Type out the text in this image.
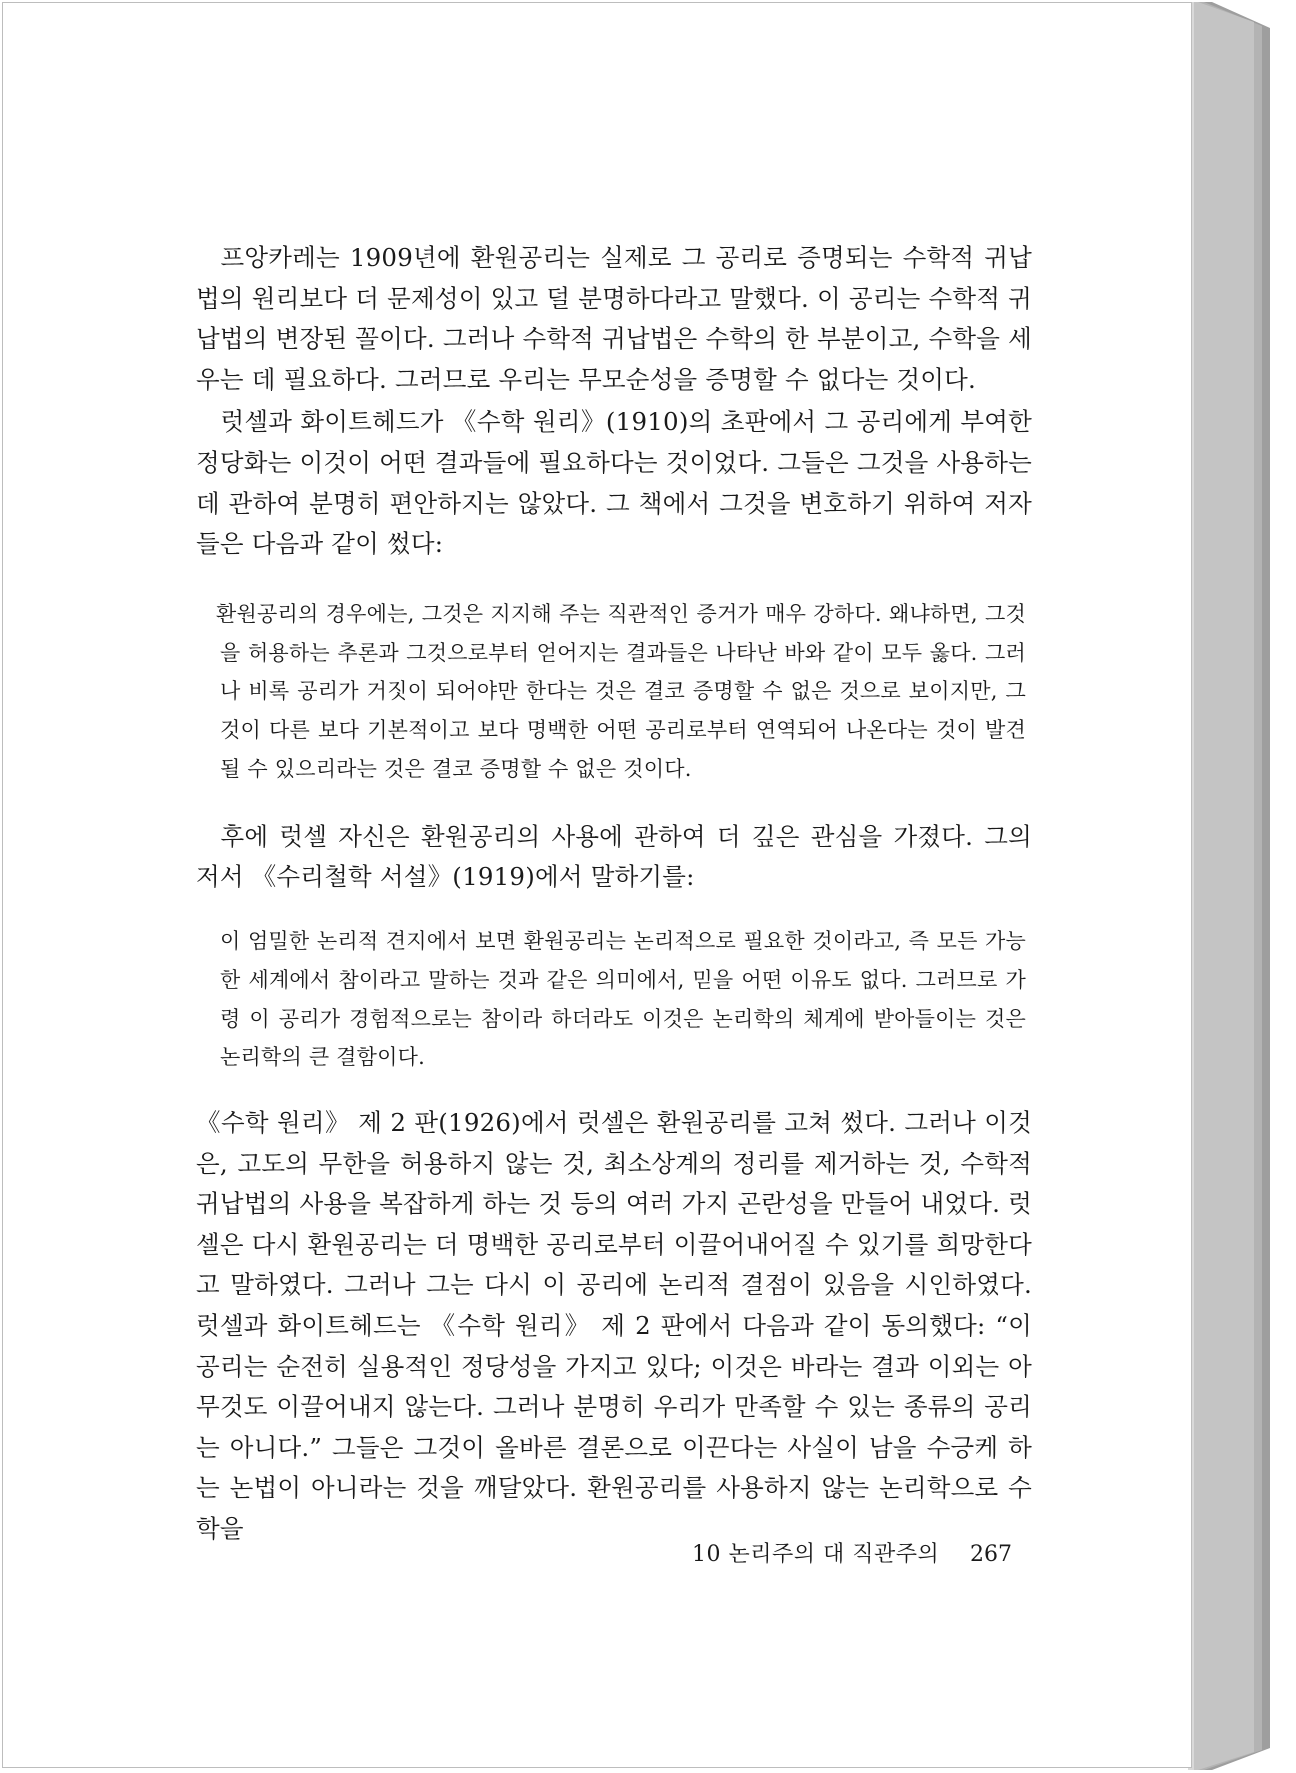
프앙카레는 1909년에 환원공리는 실제로 그 공리로 증명되는 수학적 귀납법의 원리보다 더 문제성이 있고 덜 분명하다라고 말했다. 이 공리는 수학적 귀납법의 변장된 꼴이다. 그러나 수학적 귀납법은 수학의 한 부분이고, 수학을 세우는 데 필요하다. 그러므로 우리는 무모순성을 증명할 수 없다는 것이다.

럿셀과 화이트헤드가 《수학 원리》(1910)의 초판에서 그 공리에게 부여한 정당화는 이것이 어떤 결과들에 필요하다는 것이었다. 그들은 그것을 사용하는 데 관하여 분명히 편안하지는 않았다. 그 책에서 그것을 변호하기 위하여 저자들은 다음과 같이 썼다:

환원공리의 경우에는, 그것은 지지해 주는 직관적인 증거가 매우 강하다. 왜냐하면, 그것을 허용하는 추론과 그것으로부터 얻어지는 결과들은 나타난 바와 같이 모두 옳다. 그러나 비록 공리가 거짓이 되어야만 한다는 것은 결코 증명할 수 없은 것으로 보이지만, 그것이 다른 보다 기본적이고 보다 명백한 어떤 공리로부터 연역되어 나온다는 것이 발견될 수 있으리라는 것은 결코 증명할 수 없은 것이다.

후에 럿셀 자신은 환원공리의 사용에 관하여 더 깊은 관심을 가졌다. 그의 저서 《수리철학 서설》(1919)에서 말하기를:

이 엄밀한 논리적 견지에서 보면 환원공리는 논리적으로 필요한 것이라고, 즉 모든 가능한 세계에서 참이라고 말하는 것과 같은 의미에서, 믿을 어떤 이유도 없다. 그러므로 가령 이 공리가 경험적으로는 참이라 하더라도 이것은 논리학의 체계에 받아들이는 것은 논리학의 큰 결함이다.

《수학 원리》 제 2 판(1926)에서 럿셀은 환원공리를 고쳐 썼다. 그러나 이것은, 고도의 무한을 허용하지 않는 것, 최소상계의 정리를 제거하는 것, 수학적 귀납법의 사용을 복잡하게 하는 것 등의 여러 가지 곤란성을 만들어 내었다. 럿셀은 다시 환원공리는 더 명백한 공리로부터 이끌어내어질 수 있기를 희망한다고 말하였다. 그러나 그는 다시 이 공리에 논리적 결점이 있음을 시인하였다. 럿셀과 화이트헤드는 《수학 원리》 제 2 판에서 다음과 같이 동의했다: “이 공리는 순전히 실용적인 정당성을 가지고 있다; 이것은 바라는 결과 이외는 아무것도 이끌어내지 않는다. 그러나 분명히 우리가 만족할 수 있는 종류의 공리는 아니다.” 그들은 그것이 올바른 결론으로 이끈다는 사실이 남을 수긍케 하는 논법이 아니라는 것을 깨달았다. 환원공리를 사용하지 않는 논리학으로 수학을

10 논리주의 대 직관주의 267
